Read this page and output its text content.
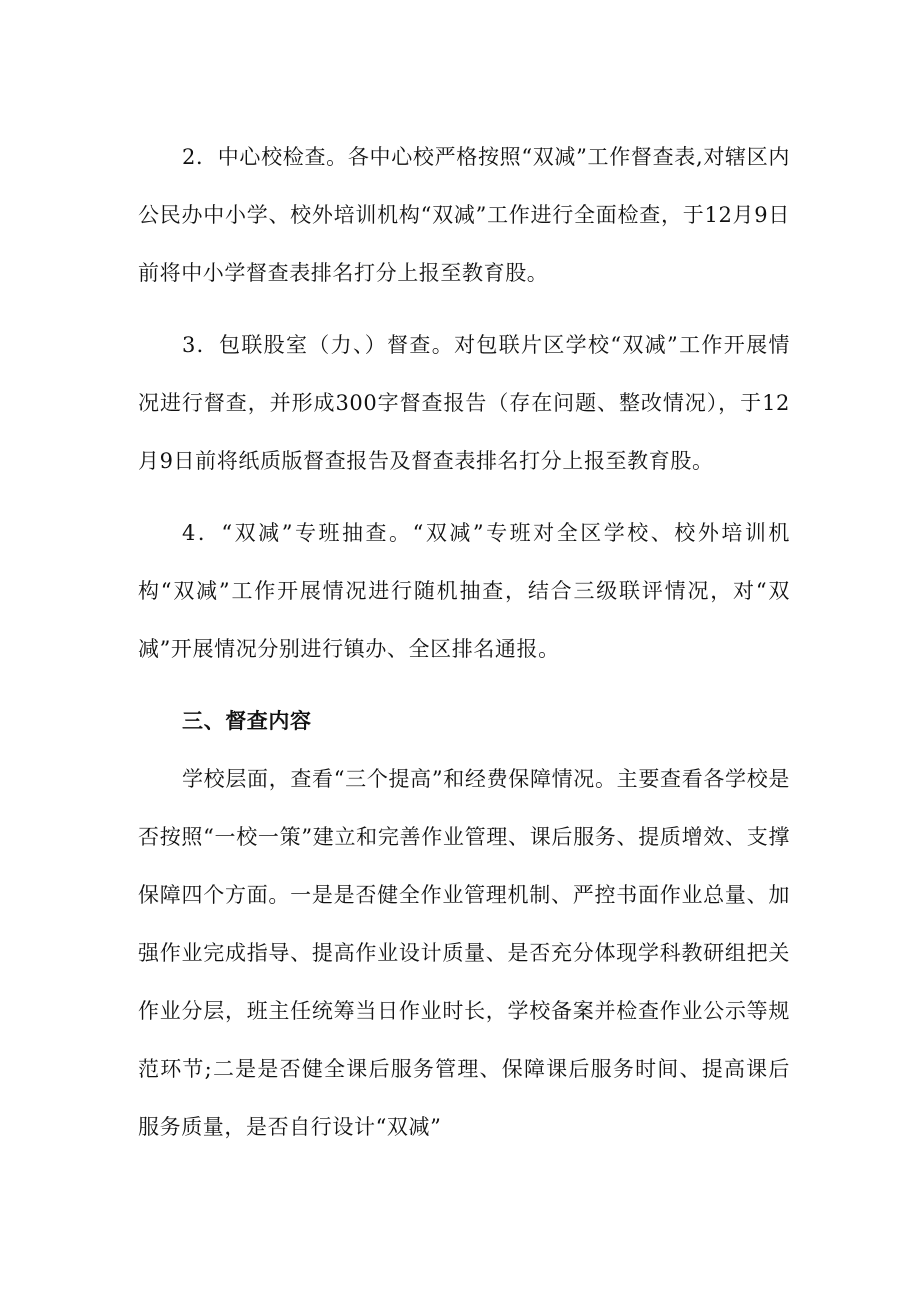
2．中心校检查。各中心校严格按照“双减”工作督查表,对辖区内公民办中小学、校外培训机构“双减”工作进行全面检查，于12月9日前将中小学督查表排名打分上报至教育股。

3．包联股室（力、）督查。对包联片区学校“双减”工作开展情况进行督查，并形成300字督查报告（存在问题、整改情况），于12月9日前将纸质版督查报告及督查表排名打分上报至教育股。

4．“双减”专班抽查。“双减”专班对全区学校、校外培训机构“双减”工作开展情况进行随机抽查，结合三级联评情况，对“双减”开展情况分别进行镇办、全区排名通报。

三、督查内容

学校层面，查看“三个提高”和经费保障情况。主要查看各学校是否按照“一校一策”建立和完善作业管理、课后服务、提质增效、支撑保障四个方面。一是是否健全作业管理机制、严控书面作业总量、加强作业完成指导、提高作业设计质量、是否充分体现学科教研组把关作业分层，班主任统筹当日作业时长，学校备案并检查作业公示等规范环节;二是是否健全课后服务管理、保障课后服务时间、提高课后服务质量，是否自行设计“双减”
